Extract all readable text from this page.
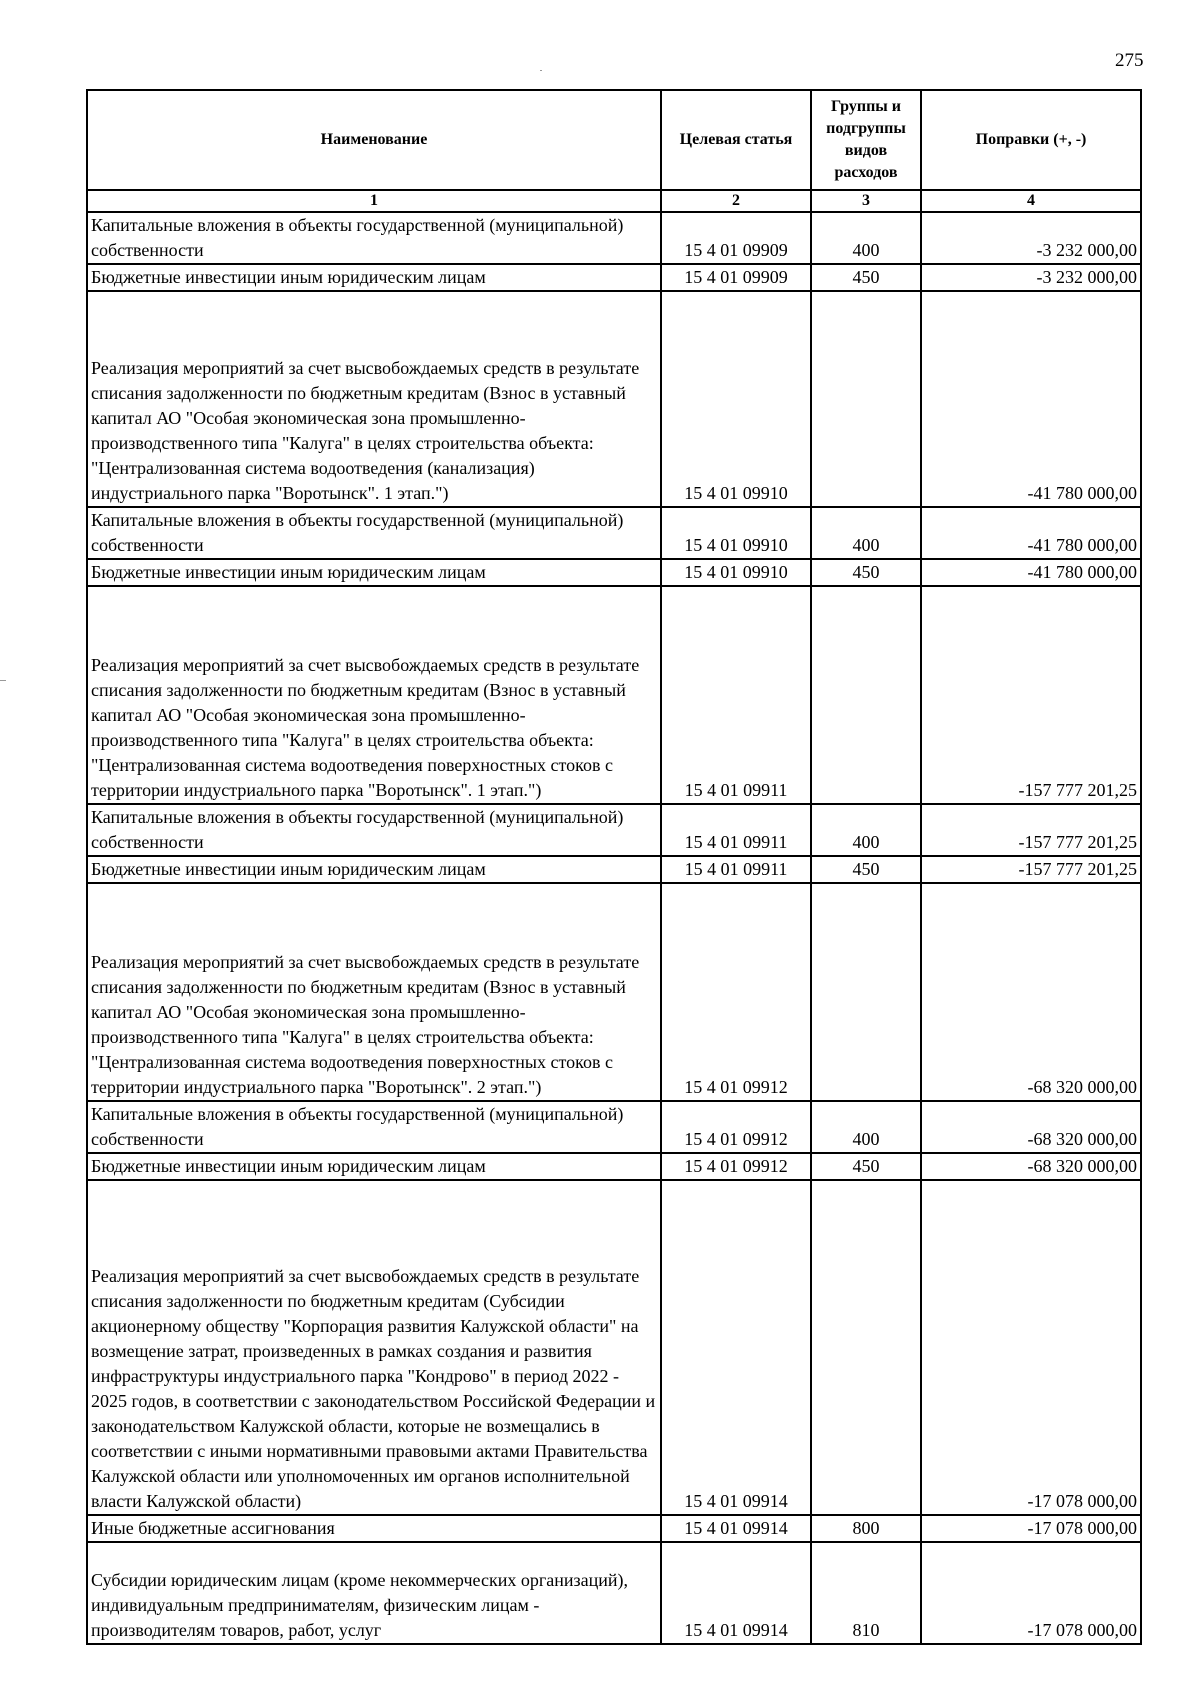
275
Наименование	Целевая статья	Группы и подгруппы видов расходов	Поправки (+, -)
1	2	3	4
Капитальные вложения в объекты государственной (муниципальной) собственности	15 4 01 09909	400	-3 232 000,00
Бюджетные инвестиции иным юридическим лицам	15 4 01 09909	450	-3 232 000,00
Реализация мероприятий за счет высвобождаемых средств в результате списания задолженности по бюджетным кредитам (Взнос в уставный капитал АО "Особая экономическая зона промышленно-производственного типа "Калуга" в целях строительства объекта: "Централизованная система водоотведения (канализация) индустриального парка "Воротынск". 1 этап.")	15 4 01 09910		-41 780 000,00
Капитальные вложения в объекты государственной (муниципальной) собственности	15 4 01 09910	400	-41 780 000,00
Бюджетные инвестиции иным юридическим лицам	15 4 01 09910	450	-41 780 000,00
Реализация мероприятий за счет высвобождаемых средств в результате списания задолженности по бюджетным кредитам (Взнос в уставный капитал АО "Особая экономическая зона промышленно-производственного типа "Калуга" в целях строительства объекта: "Централизованная система водоотведения поверхностных стоков с территории индустриального парка "Воротынск". 1 этап.")	15 4 01 09911		-157 777 201,25
Капитальные вложения в объекты государственной (муниципальной) собственности	15 4 01 09911	400	-157 777 201,25
Бюджетные инвестиции иным юридическим лицам	15 4 01 09911	450	-157 777 201,25
Реализация мероприятий за счет высвобождаемых средств в результате списания задолженности по бюджетным кредитам (Взнос в уставный капитал АО "Особая экономическая зона промышленно-производственного типа "Калуга" в целях строительства объекта: "Централизованная система водоотведения поверхностных стоков с территории индустриального парка "Воротынск". 2 этап.")	15 4 01 09912		-68 320 000,00
Капитальные вложения в объекты государственной (муниципальной) собственности	15 4 01 09912	400	-68 320 000,00
Бюджетные инвестиции иным юридическим лицам	15 4 01 09912	450	-68 320 000,00
Реализация мероприятий за счет высвобождаемых средств в результате списания задолженности по бюджетным кредитам (Субсидии акционерному обществу "Корпорация развития Калужской области" на возмещение затрат, произведенных в рамках создания и развития инфраструктуры индустриального парка "Кондрово" в период 2022 - 2025 годов, в соответствии с законодательством Российской Федерации и законодательством Калужской области, которые не возмещались в соответствии с иными нормативными правовыми актами Правительства Калужской области или уполномоченных им органов исполнительной власти Калужской области)	15 4 01 09914		-17 078 000,00
Иные бюджетные ассигнования	15 4 01 09914	800	-17 078 000,00
Субсидии юридическим лицам (кроме некоммерческих организаций), индивидуальным предпринимателям, физическим лицам - производителям товаров, работ, услуг	15 4 01 09914	810	-17 078 000,00
